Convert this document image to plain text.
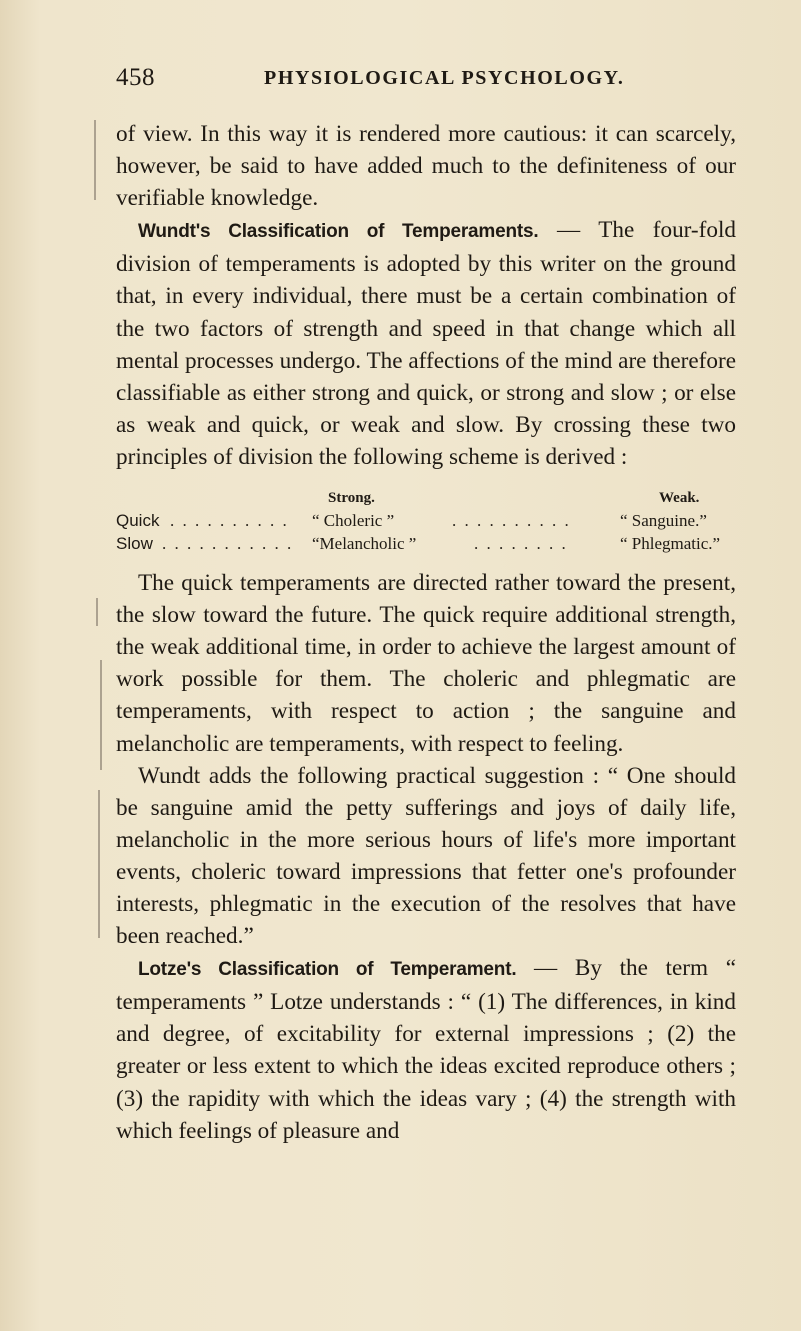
458	PHYSIOLOGICAL PSYCHOLOGY.

of view. In this way it is rendered more cautious: it can scarcely, however, be said to have added much to the definiteness of our verifiable knowledge.

Wundt's Classification of Temperaments. — The four-fold division of temperaments is adopted by this writer on the ground that, in every individual, there must be a certain combination of the two factors of strength and speed in that change which all mental processes undergo. The affections of the mind are therefore classifiable as either strong and quick, or strong and slow ; or else as weak and quick, or weak and slow. By crossing these two principles of division the following scheme is derived :

Strong.	Weak.
Quick . . . . . . . . . . “ Choleric ”	. . . . . . . . . .	“ Sanguine.”
Slow . . . . . . . . . . . “Melancholic ”	. . . . . . . .	“ Phlegmatic.”

The quick temperaments are directed rather toward the present, the slow toward the future. The quick require additional strength, the weak additional time, in order to achieve the largest amount of work possible for them. The choleric and phlegmatic are temperaments, with respect to action ; the sanguine and melancholic are temperaments, with respect to feeling.

Wundt adds the following practical suggestion : “ One should be sanguine amid the petty sufferings and joys of daily life, melancholic in the more serious hours of life's more important events, choleric toward impressions that fetter one's profounder interests, phlegmatic in the execution of the resolves that have been reached.”

Lotze's Classification of Temperament. — By the term “ temperaments ” Lotze understands : “ (1) The differences, in kind and degree, of excitability for external impressions ; (2) the greater or less extent to which the ideas excited reproduce others ; (3) the rapidity with which the ideas vary ; (4) the strength with which feelings of pleasure and
